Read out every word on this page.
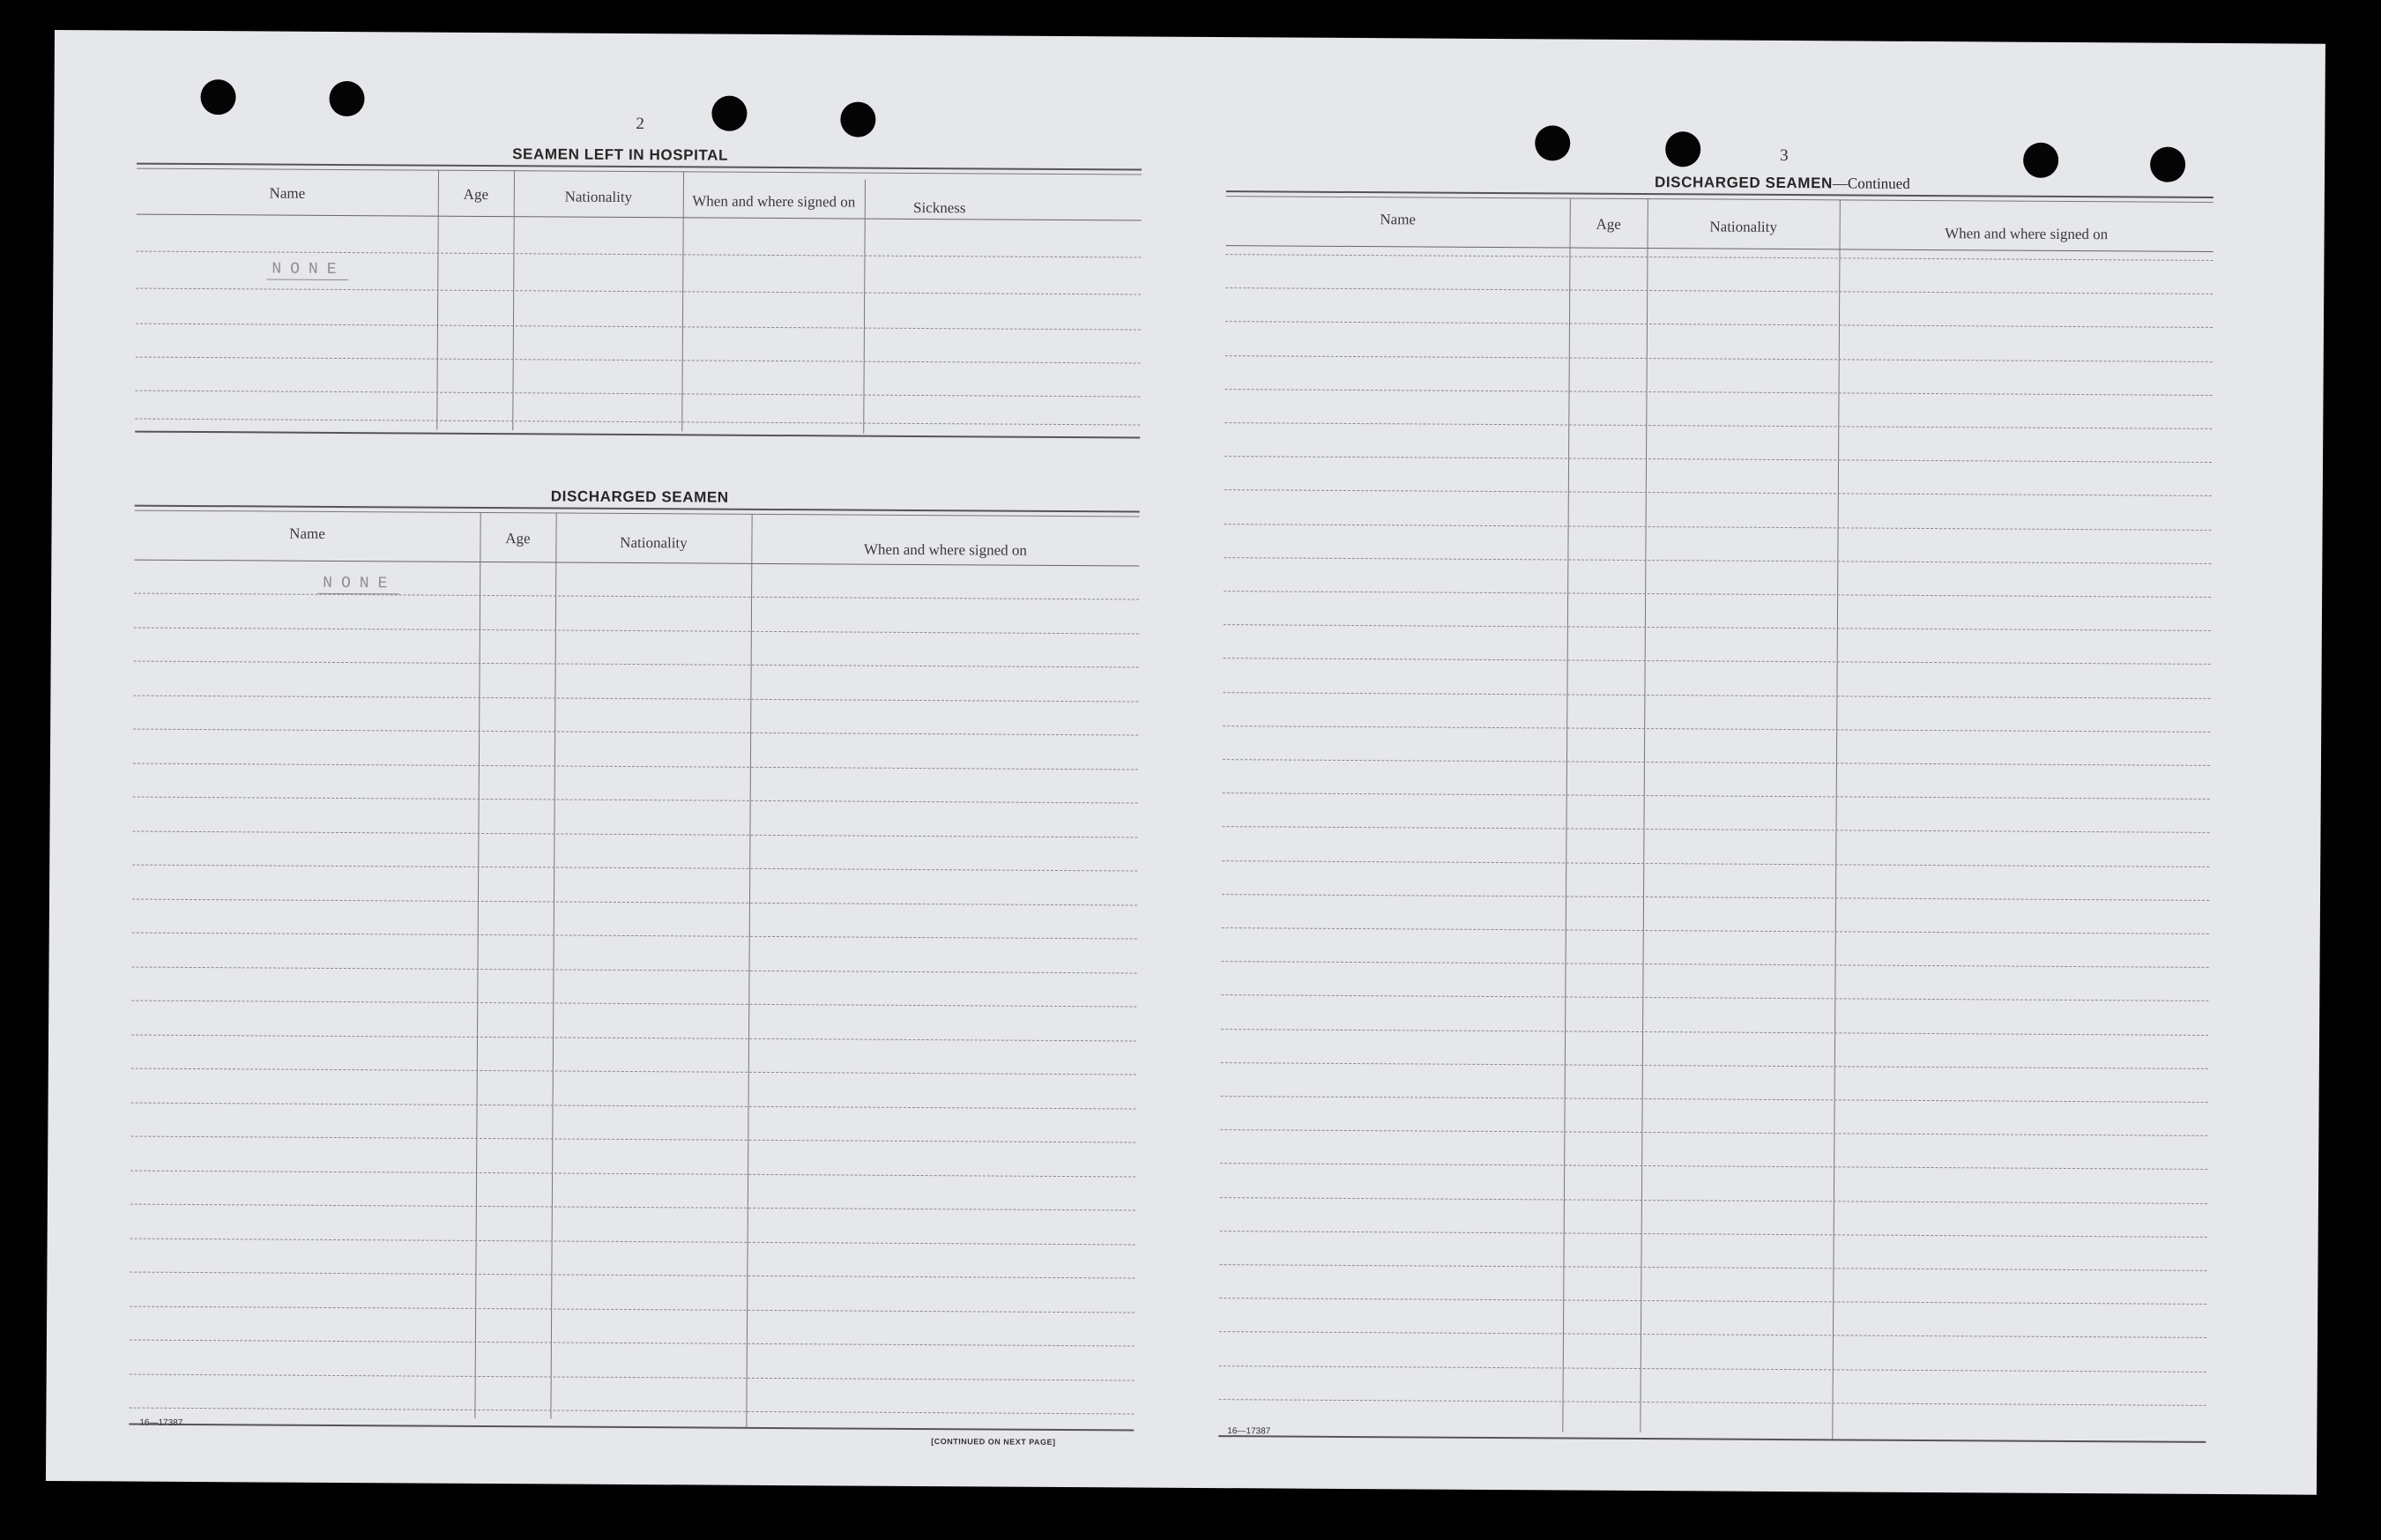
2
SEAMEN LEFT IN HOSPITAL
Name	Age	Nationality	When and where signed on	Sickness
NONE
DISCHARGED SEAMEN
Name	Age	Nationality	When and where signed on
NONE
16—17387
[CONTINUED ON NEXT PAGE]
3
DISCHARGED SEAMEN—Continued
Name	Age	Nationality	When and where signed on
16—17387
